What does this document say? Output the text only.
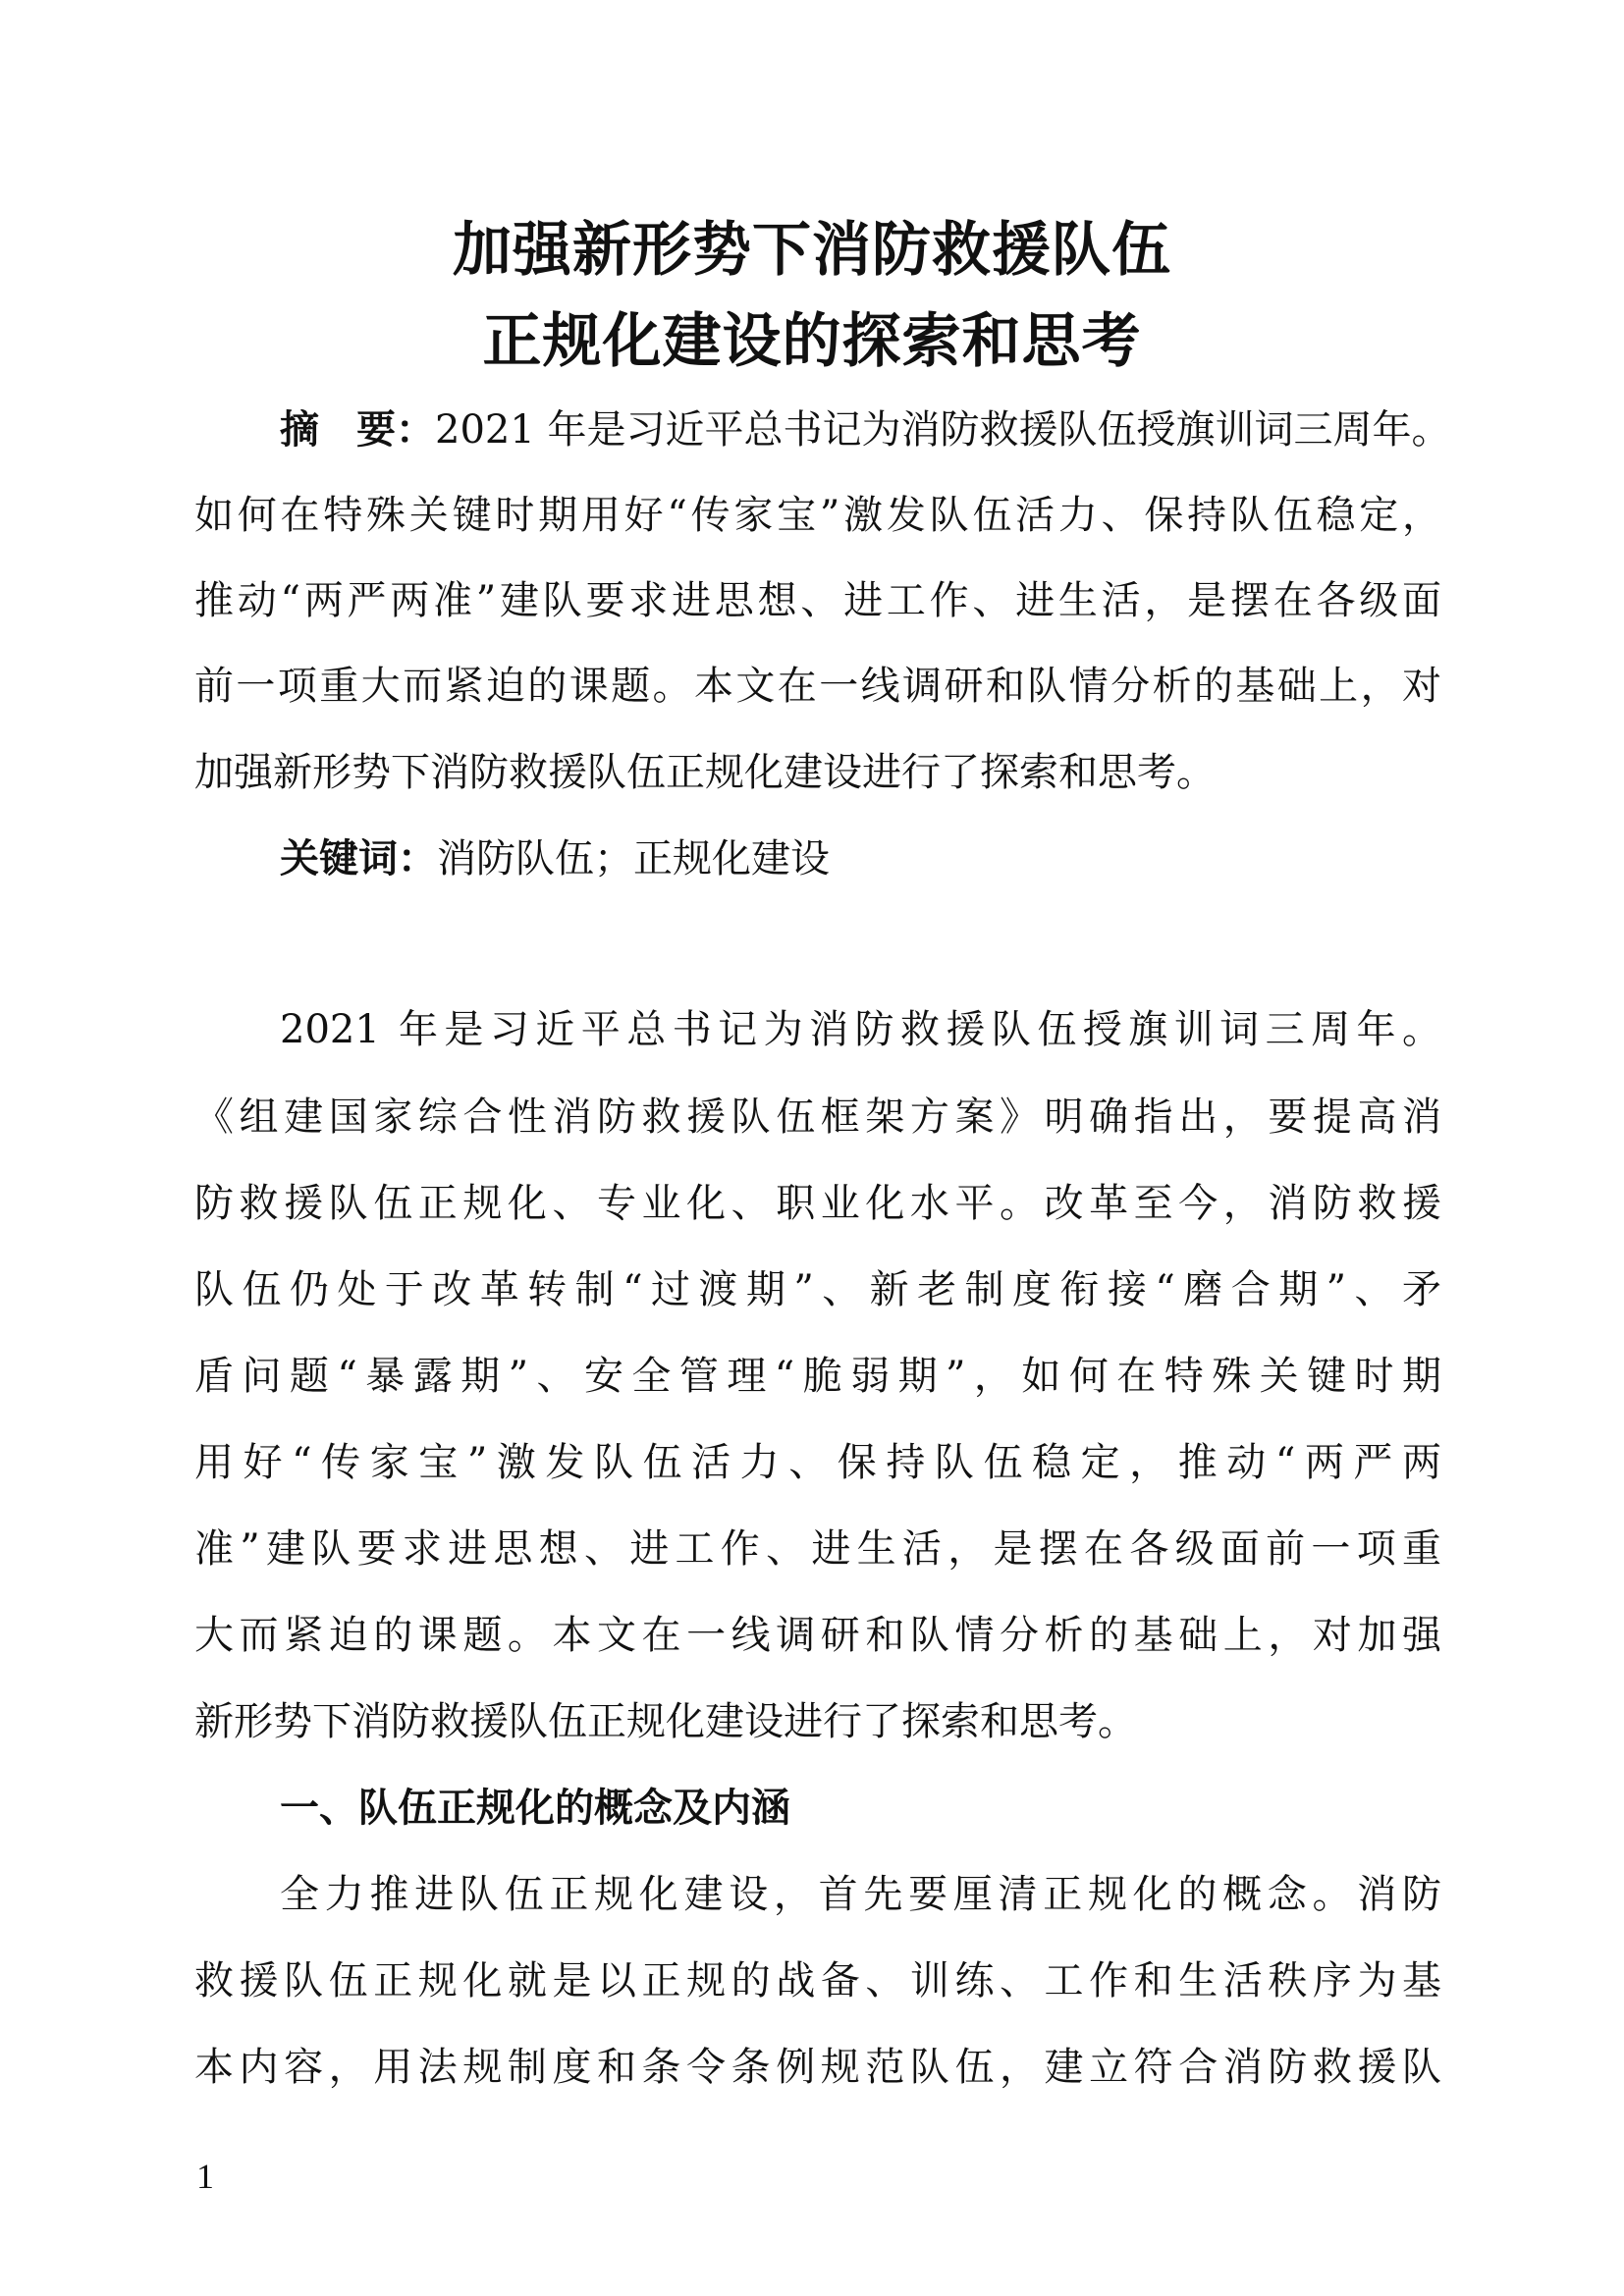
加强新形势下消防救援队伍
正规化建设的探索和思考
摘要：2021 年是习近平总书记为消防救援队伍授旗训词三周年。
如何在特殊关键时期用好“传家宝”激发队伍活力、保持队伍稳定，
推动“两严两准”建队要求进思想、进工作、进生活，是摆在各级面
前一项重大而紧迫的课题。本文在一线调研和队情分析的基础上，对
加强新形势下消防救援队伍正规化建设进行了探索和思考。
关键词：消防队伍；正规化建设
2021 年是习近平总书记为消防救援队伍授旗训词三周年。
《组建国家综合性消防救援队伍框架方案》明确指出，要提高消
防救援队伍正规化、专业化、职业化水平。改革至今，消防救援
队伍仍处于改革转制“过渡期”、新老制度衔接“磨合期”、矛
盾问题“暴露期”、安全管理“脆弱期”，如何在特殊关键时期
用好“传家宝”激发队伍活力、保持队伍稳定，推动“两严两
准”建队要求进思想、进工作、进生活，是摆在各级面前一项重
大而紧迫的课题。本文在一线调研和队情分析的基础上，对加强
新形势下消防救援队伍正规化建设进行了探索和思考。
一、队伍正规化的概念及内涵
全力推进队伍正规化建设，首先要厘清正规化的概念。消防
救援队伍正规化就是以正规的战备、训练、工作和生活秩序为基
本内容，用法规制度和条令条例规范队伍，建立符合消防救援队
1
